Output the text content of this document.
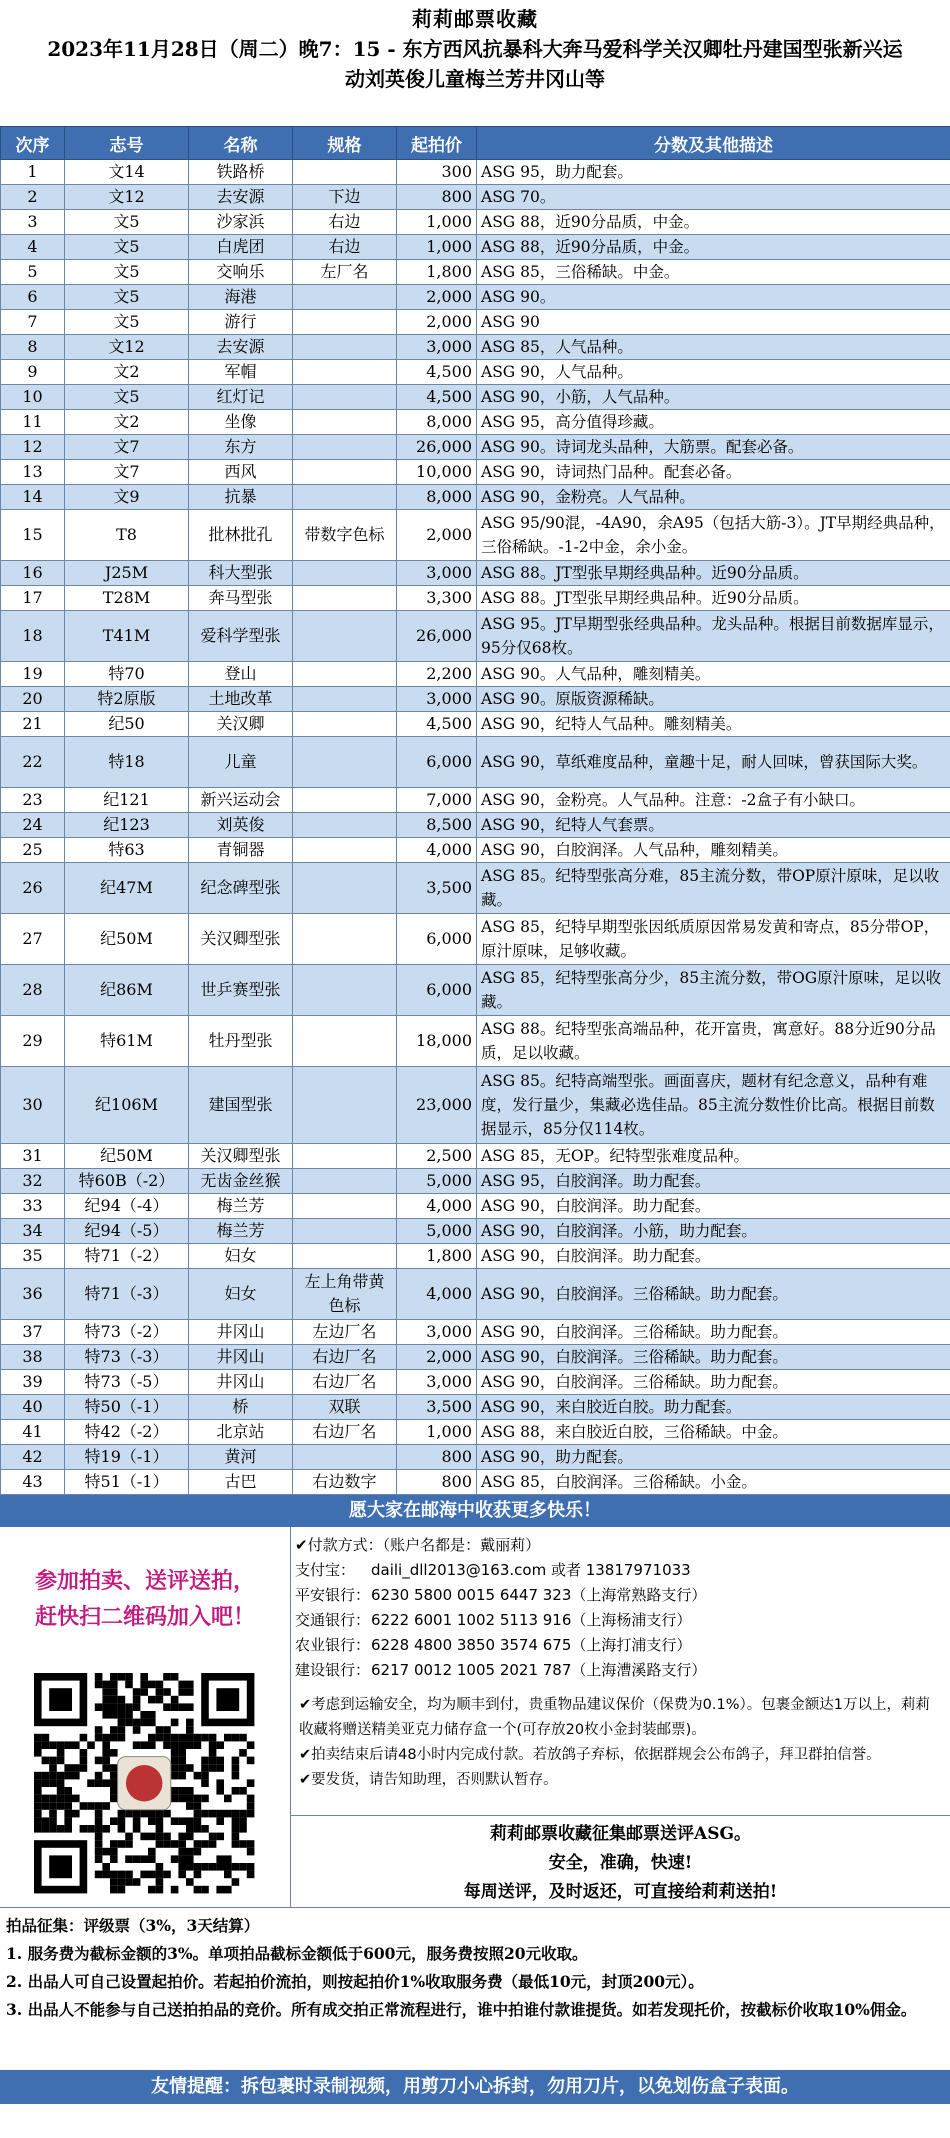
莉莉邮票收藏
2023年11月28日（周二）晚7：15 - 东方西风抗暴科大奔马爱科学关汉卿牡丹建国型张新兴运
动刘英俊儿童梅兰芳井冈山等
次序	志号	名称	规格	起拍价	分数及其他描述
1	文14	铁路桥		300	ASG 95，助力配套。
2	文12	去安源	下边	800	ASG 70。
3	文5	沙家浜	右边	1,000	ASG 88，近90分品质，中金。
4	文5	白虎团	右边	1,000	ASG 88，近90分品质，中金。
5	文5	交响乐	左厂名	1,800	ASG 85，三俗稀缺。中金。
6	文5	海港		2,000	ASG 90。
7	文5	游行		2,000	ASG 90
8	文12	去安源		3,000	ASG 85，人气品种。
9	文2	军帽		4,500	ASG 90，人气品种。
10	文5	红灯记		4,500	ASG 90，小筋，人气品种。
11	文2	坐像		8,000	ASG 95，高分值得珍藏。
12	文7	东方		26,000	ASG 90。诗词龙头品种，大筋票。配套必备。
13	文7	西风		10,000	ASG 90，诗词热门品种。配套必备。
14	文9	抗暴		8,000	ASG 90，金粉亮。人气品种。
15	T8	批林批孔	带数字色标	2,000	ASG 95/90混，-4A90，余A95（包括大筋-3）。JT早期经典品种，三俗稀缺。-1-2中金，余小金。
16	J25M	科大型张		3,000	ASG 88。JT型张早期经典品种。近90分品质。
17	T28M	奔马型张		3,300	ASG 88。JT型张早期经典品种。近90分品质。
18	T41M	爱科学型张		26,000	ASG 95。JT早期型张经典品种。龙头品种。根据目前数据库显示，95分仅68枚。
19	特70	登山		2,200	ASG 90。人气品种，雕刻精美。
20	特2原版	土地改革		3,000	ASG 90。原版资源稀缺。
21	纪50	关汉卿		4,500	ASG 90，纪特人气品种。雕刻精美。
22	特18	儿童		6,000	ASG 90，草纸难度品种，童趣十足，耐人回味，曾获国际大奖。
23	纪121	新兴运动会		7,000	ASG 90，金粉亮。人气品种。注意：-2盒子有小缺口。
24	纪123	刘英俊		8,500	ASG 90，纪特人气套票。
25	特63	青铜器		4,000	ASG 90，白胶润泽。人气品种，雕刻精美。
26	纪47M	纪念碑型张		3,500	ASG 85。纪特型张高分难，85主流分数，带OP原汁原味，足以收藏。
27	纪50M	关汉卿型张		6,000	ASG 85，纪特早期型张因纸质原因常易发黄和寄点，85分带OP，原汁原味，足够收藏。
28	纪86M	世乒赛型张		6,000	ASG 85，纪特型张高分少，85主流分数，带OG原汁原味，足以收藏。
29	特61M	牡丹型张		18,000	ASG 88。纪特型张高端品种，花开富贵，寓意好。88分近90分品质，足以收藏。
30	纪106M	建国型张		23,000	ASG 85。纪特高端型张。画面喜庆，题材有纪念意义，品种有难度，发行量少，集藏必选佳品。85主流分数性价比高。根据目前数据显示，85分仅114枚。
31	纪50M	关汉卿型张		2,500	ASG 85，无OP。纪特型张难度品种。
32	特60B（-2）	无齿金丝猴		5,000	ASG 95，白胶润泽。助力配套。
33	纪94（-4）	梅兰芳		4,000	ASG 90，白胶润泽。助力配套。
34	纪94（-5）	梅兰芳		5,000	ASG 90，白胶润泽。小筋，助力配套。
35	特71（-2）	妇女		1,800	ASG 90，白胶润泽。助力配套。
36	特71（-3）	妇女	左上角带黄色标	4,000	ASG 90，白胶润泽。三俗稀缺。助力配套。
37	特73（-2）	井冈山	左边厂名	3,000	ASG 90，白胶润泽。三俗稀缺。助力配套。
38	特73（-3）	井冈山	右边厂名	2,000	ASG 90，白胶润泽。三俗稀缺。助力配套。
39	特73（-5）	井冈山	右边厂名	3,000	ASG 90，白胶润泽。三俗稀缺。助力配套。
40	特50（-1）	桥	双联	3,500	ASG 90，来白胶近白胶。助力配套。
41	特42（-2）	北京站	右边厂名	1,000	ASG 88，来白胶近白胶，三俗稀缺。中金。
42	特19（-1）	黄河		800	ASG 90，助力配套。
43	特51（-1）	古巴	右边数字	800	ASG 85，白胶润泽。三俗稀缺。小金。
愿大家在邮海中收获更多快乐！
参加拍卖、送评送拍，
赶快扫二维码加入吧！
✔付款方式：（账户名都是：戴丽莉）
支付宝： daili_dll2013@163.com 或者 13817971033
平安银行：6230 5800 0015 6447 323（上海常熟路支行）
交通银行：6222 6001 1002 5113 916（上海杨浦支行）
农业银行：6228 4800 3850 3574 675（上海打浦支行）
建设银行：6217 0012 1005 2021 787（上海漕溪路支行）

✔考虑到运输安全，均为顺丰到付，贵重物品建议保价（保费为0.1%）。包裹金额达1万以上，莉莉收藏将赠送精美亚克力储存盒一个(可存放20枚小金封装邮票)。

✔拍卖结束后请48小时内完成付款。若放鸽子弃标，依据群规会公布鸽子，拜卫群拍信誉。

✔要发货，请告知助理，否则默认暂存。

莉莉邮票收藏征集邮票送评ASG。
安全，准确，快速!
每周送评，及时返还，可直接给莉莉送拍!

拍品征集：评级票（3%，3天结算）

1. 服务费为截标金额的3%。单项拍品截标金额低于600元，服务费按照20元收取。

2. 出品人可自己设置起拍价。若起拍价流拍，则按起拍价1%收取服务费（最低10元，封顶200元）。

3. 出品人不能参与自己送拍拍品的竞价。所有成交拍正常流程进行，谁中拍谁付款谁提货。如若发现托价，按截标价收取10%佣金。

友情提醒：拆包裹时录制视频，用剪刀小心拆封，勿用刀片，以免划伤盒子表面。
